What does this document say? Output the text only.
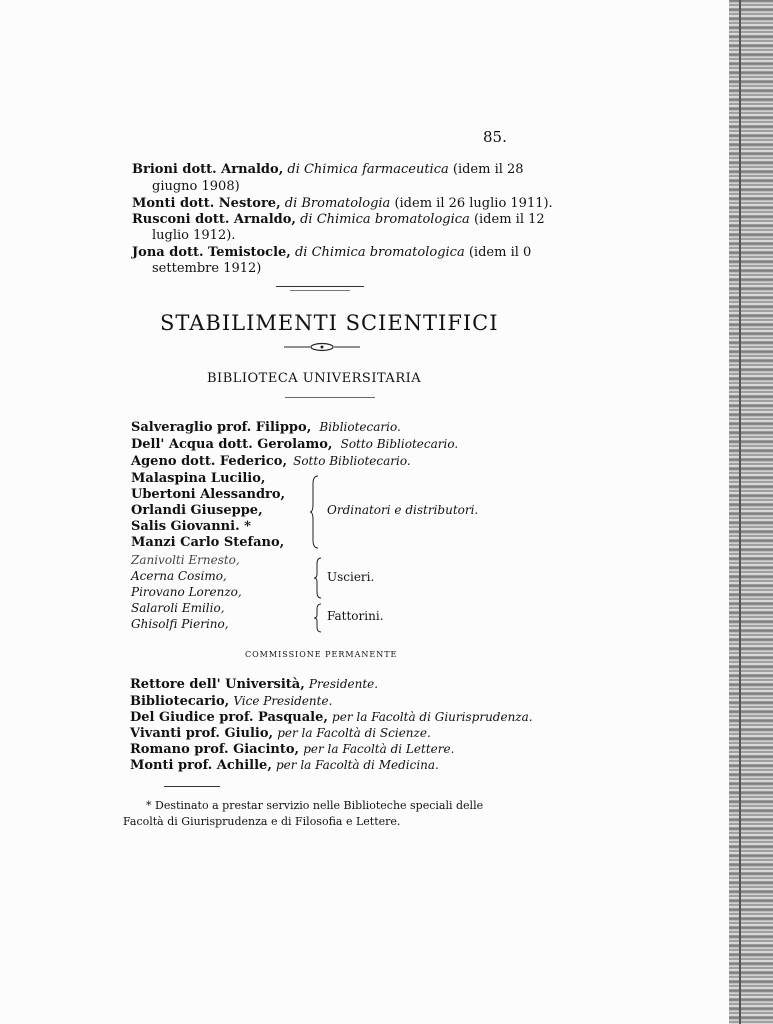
85.
Brioni dott. Arnaldo, di Chimica farmaceutica (idem il 28
giugno 1908)
Monti dott. Nestore, di Bromatologia (idem il 26 luglio 1911).
Rusconi dott. Arnaldo, di Chimica bromatologica (idem il 12
luglio 1912).
Jona dott. Temistocle, di Chimica bromatologica (idem il 0
settembre 1912)
STABILIMENTI SCIENTIFICI
BIBLIOTECA UNIVERSITARIA
Salveraglio prof. Filippo, Bibliotecario.
Dell' Acqua dott. Gerolamo, Sotto Bibliotecario.
Ageno dott. Federico, Sotto Bibliotecario.
Malaspina Lucilio,
Ubertoni Alessandro,
Orlandi Giuseppe,
Salis Giovanni. *
Manzi Carlo Stefano,
Ordinatori e distributori.
Zanivolti Ernesto,
Acerna Cosimo,
Pirovano Lorenzo,
Uscieri.
Salaroli Emilio,
Ghisolfi Pierino,
Fattorini.
COMMISSIONE PERMANENTE
Rettore dell' Università, Presidente.
Bibliotecario, Vice Presidente.
Del Giudice prof. Pasquale, per la Facoltà di Giurisprudenza.
Vivanti prof. Giulio, per la Facoltà di Scienze.
Romano prof. Giacinto, per la Facoltà di Lettere.
Monti prof. Achille, per la Facoltà di Medicina.
* Destinato a prestar servizio nelle Biblioteche speciali delle
Facoltà di Giurisprudenza e di Filosofia e Lettere.
